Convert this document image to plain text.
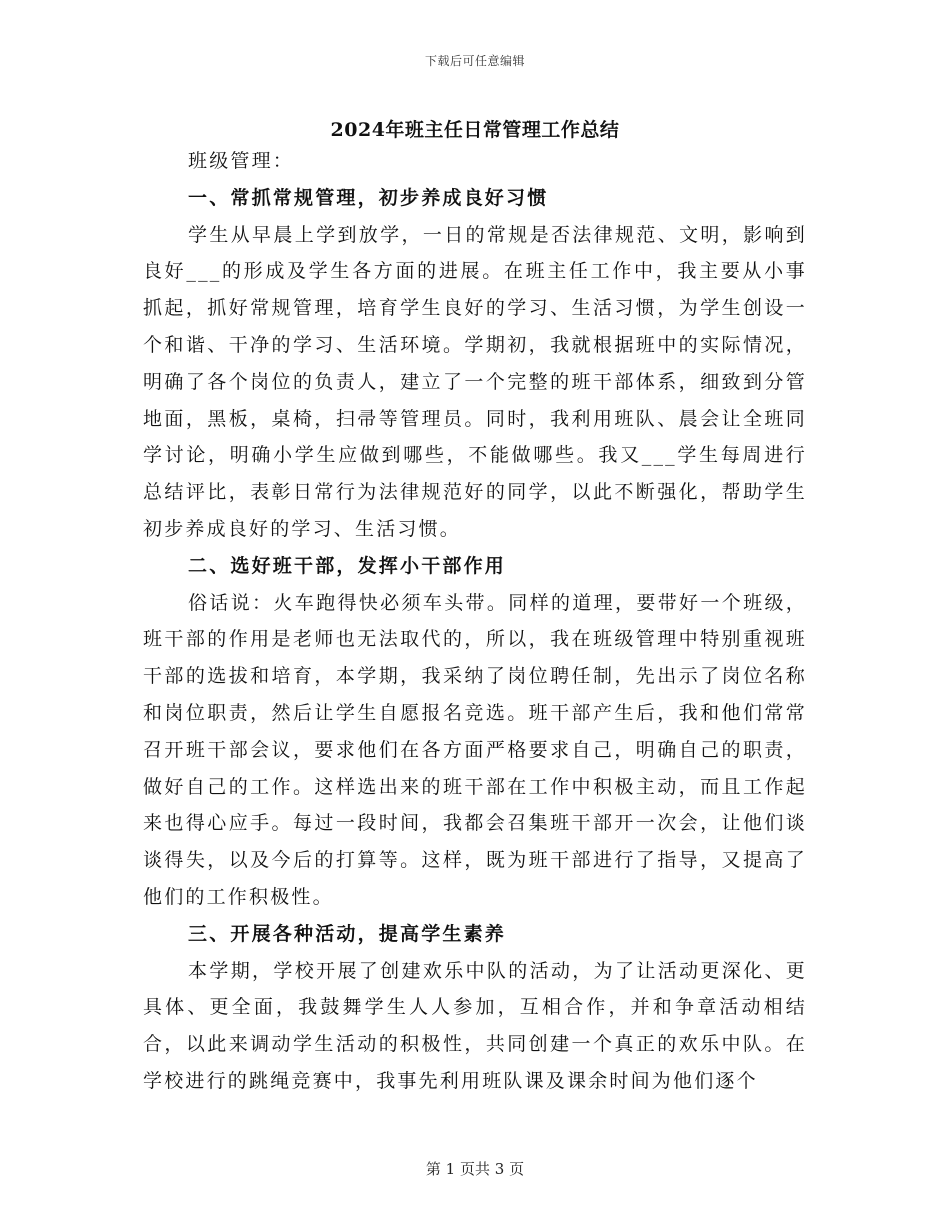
下载后可任意编辑
2024年班主任日常管理工作总结

班级管理：

一、常抓常规管理，初步养成良好习惯

学生从早晨上学到放学，一日的常规是否法律规范、文明，影响到良好___的形成及学生各方面的进展。在班主任工作中，我主要从小事抓起，抓好常规管理，培育学生良好的学习、生活习惯，为学生创设一个和谐、干净的学习、生活环境。学期初，我就根据班中的实际情况，明确了各个岗位的负责人，建立了一个完整的班干部体系，细致到分管地面，黑板，桌椅，扫帚等管理员。同时，我利用班队、晨会让全班同学讨论，明确小学生应做到哪些，不能做哪些。我又___学生每周进行总结评比，表彰日常行为法律规范好的同学，以此不断强化，帮助学生初步养成良好的学习、生活习惯。

二、选好班干部，发挥小干部作用

俗话说：火车跑得快必须车头带。同样的道理，要带好一个班级，班干部的作用是老师也无法取代的，所以，我在班级管理中特别重视班干部的选拔和培育，本学期，我采纳了岗位聘任制，先出示了岗位名称和岗位职责，然后让学生自愿报名竞选。班干部产生后，我和他们常常召开班干部会议，要求他们在各方面严格要求自己，明确自己的职责，做好自己的工作。这样选出来的班干部在工作中积极主动，而且工作起来也得心应手。每过一段时间，我都会召集班干部开一次会，让他们谈谈得失，以及今后的打算等。这样，既为班干部进行了指导，又提高了他们的工作积极性。

三、开展各种活动，提高学生素养

本学期，学校开展了创建欢乐中队的活动，为了让活动更深化、更具体、更全面，我鼓舞学生人人参加，互相合作，并和争章活动相结合，以此来调动学生活动的积极性，共同创建一个真正的欢乐中队。在学校进行的跳绳竞赛中，我事先利用班队课及课余时间为他们逐个

第 1 页共 3 页
